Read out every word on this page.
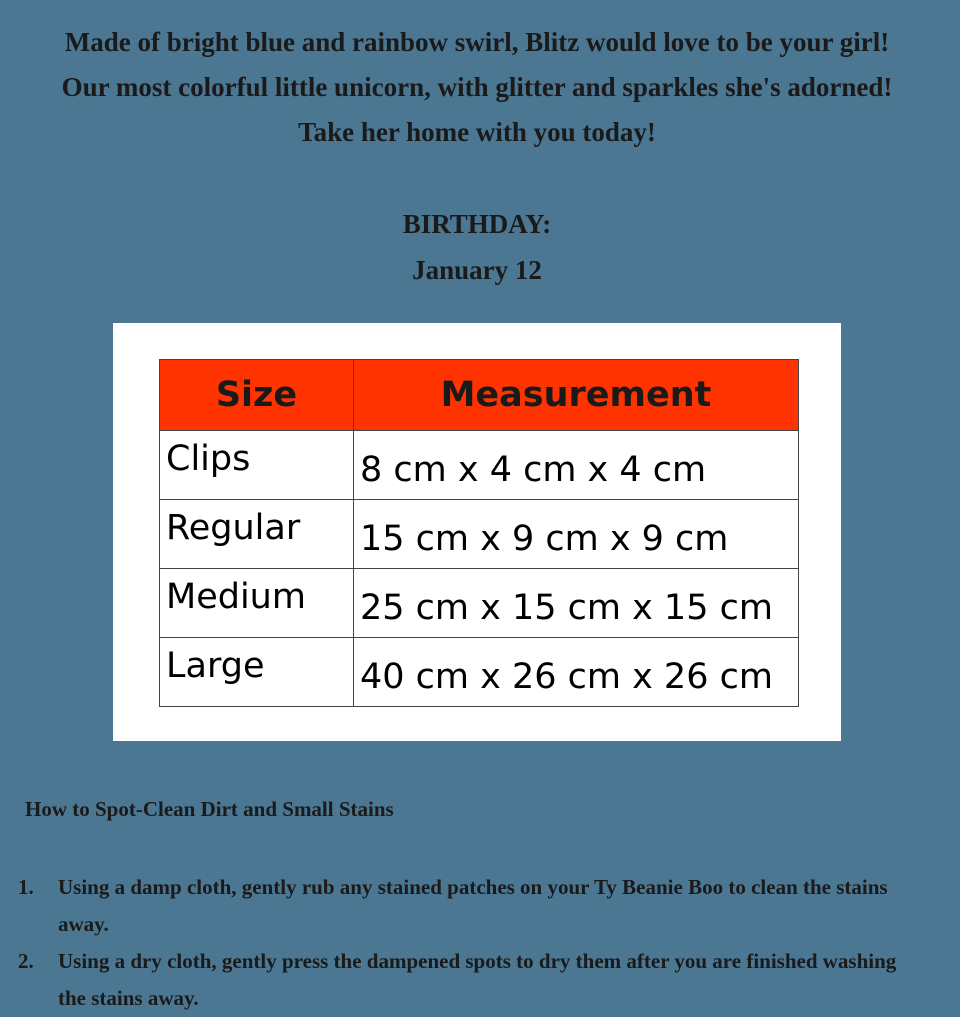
Made of bright blue and rainbow swirl, Blitz would love to be your girl!
Our most colorful little unicorn, with glitter and sparkles she's adorned!
Take her home with you today!
BIRTHDAY:
January 12
Size	Measurement
Clips	8 cm x 4 cm x 4 cm
Regular	15 cm x 9 cm x 9 cm
Medium	25 cm x 15 cm x 15 cm
Large	40 cm x 26 cm x 26 cm
How to Spot-Clean Dirt and Small Stains
1. Using a damp cloth, gently rub any stained patches on your Ty Beanie Boo to clean the stains away.
2. Using a dry cloth, gently press the dampened spots to dry them after you are finished washing the stains away.
